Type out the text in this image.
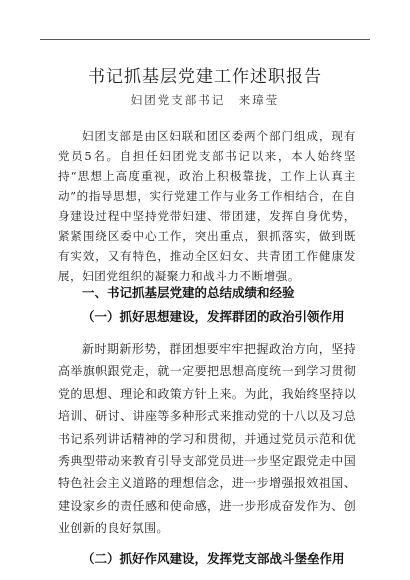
书记抓基层党建工作述职报告
妇团党支部书记　来璋莹

妇团支部是由区妇联和团区委两个部门组成，现有党员5名。自担任妇团党支部书记以来，本人始终坚持“思想上高度重视，政治上积极靠拢，工作上认真主动”的指导思想，实行党建工作与业务工作相结合，在自身建设过程中坚持党带妇建、带团建，发挥自身优势，紧紧围绕区委中心工作，突出重点，狠抓落实，做到既有实效，又有特色，推动全区妇女、共青团工作健康发展，妇团党组织的凝聚力和战斗力不断增强。

一、书记抓基层党建的总结成绩和经验
（一）抓好思想建设，发挥群团的政治引领作用

新时期新形势，群团想要牢牢把握政治方向，坚持高举旗帜跟党走，就一定要把思想高度统一到学习贯彻党的思想、理论和政策方针上来。为此，我始终坚持以培训、研讨、讲座等多种形式来推动党的十八以及习总书记系列讲话精神的学习和贯彻，并通过党员示范和优秀典型带动来教育引导支部党员进一步坚定跟党走中国特色社会主义道路的理想信念，进一步增强报效祖国、建设家乡的责任感和使命感，进一步形成奋发作为、创业创新的良好氛围。

（二）抓好作风建设，发挥党支部战斗堡垒作用
